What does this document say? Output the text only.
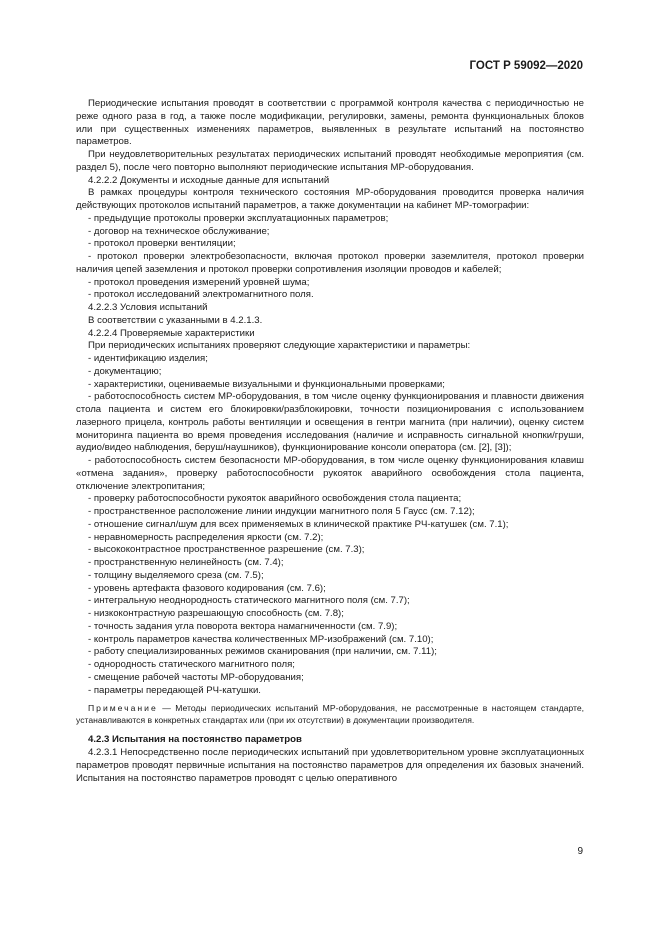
ГОСТ Р 59092—2020

Периодические испытания проводят в соответствии с программой контроля качества с периодичностью не реже одного раза в год, а также после модификации, регулировки, замены, ремонта функциональных блоков или при существенных изменениях параметров, выявленных в результате испытаний на постоянство параметров.

При неудовлетворительных результатах периодических испытаний проводят необходимые мероприятия (см. раздел 5), после чего повторно выполняют периодические испытания МР-оборудования.

4.2.2.2 Документы и исходные данные для испытаний

В рамках процедуры контроля технического состояния МР-оборудования проводится проверка наличия действующих протоколов испытаний параметров, а также документации на кабинет МР-томографии:

- предыдущие протоколы проверки эксплуатационных параметров;

- договор на техническое обслуживание;

- протокол проверки вентиляции;

- протокол проверки электробезопасности, включая протокол проверки заземлителя, протокол проверки наличия цепей заземления и протокол проверки сопротивления изоляции проводов и кабелей;

- протокол проведения измерений уровней шума;

- протокол исследований электромагнитного поля.

4.2.2.3 Условия испытаний

В соответствии с указанными в 4.2.1.3.

4.2.2.4 Проверяемые характеристики

При периодических испытаниях проверяют следующие характеристики и параметры:

- идентификацию изделия;

- документацию;

- характеристики, оцениваемые визуальными и функциональными проверками;

- работоспособность систем МР-оборудования, в том числе оценку функционирования и плавности движения стола пациента и систем его блокировки/разблокировки, точности позиционирования с использованием лазерного прицела, контроль работы вентиляции и освещения в гентри магнита (при наличии), оценку систем мониторинга пациента во время проведения исследования (наличие и исправность сигнальной кнопки/груши, аудио/видео наблюдения, беруш/наушников), функционирование консоли оператора (см. [2], [3]);

- работоспособность систем безопасности МР-оборудования, в том числе оценку функционирования клавиш «отмена задания», проверку работоспособности рукояток аварийного освобождения стола пациента, отключение электропитания;

- проверку работоспособности рукояток аварийного освобождения стола пациента;

- пространственное расположение линии индукции магнитного поля 5 Гаусс (см. 7.12);

- отношение сигнал/шум для всех применяемых в клинической практике РЧ-катушек (см. 7.1);

- неравномерность распределения яркости (см. 7.2);

- высококонтрастное пространственное разрешение (см. 7.3);

- пространственную нелинейность (см. 7.4);

- толщину выделяемого среза (см. 7.5);

- уровень артефакта фазового кодирования (см. 7.6);

- интегральную неоднородность статического магнитного поля (см. 7.7);

- низкоконтрастную разрешающую способность (см. 7.8);

- точность задания угла поворота вектора намагниченности (см. 7.9);

- контроль параметров качества количественных МР-изображений (см. 7.10);

- работу специализированных режимов сканирования (при наличии, см. 7.11);

- однородность статического магнитного поля;

- смещение рабочей частоты МР-оборудования;

- параметры передающей РЧ-катушки.

Примечание — Методы периодических испытаний МР-оборудования, не рассмотренные в настоящем стандарте, устанавливаются в конкретных стандартах или (при их отсутствии) в документации производителя.

4.2.3 Испытания на постоянство параметров

4.2.3.1 Непосредственно после периодических испытаний при удовлетворительном уровне эксплуатационных параметров проводят первичные испытания на постоянство параметров для определения их базовых значений. Испытания на постоянство параметров проводят с целью оперативного

9
